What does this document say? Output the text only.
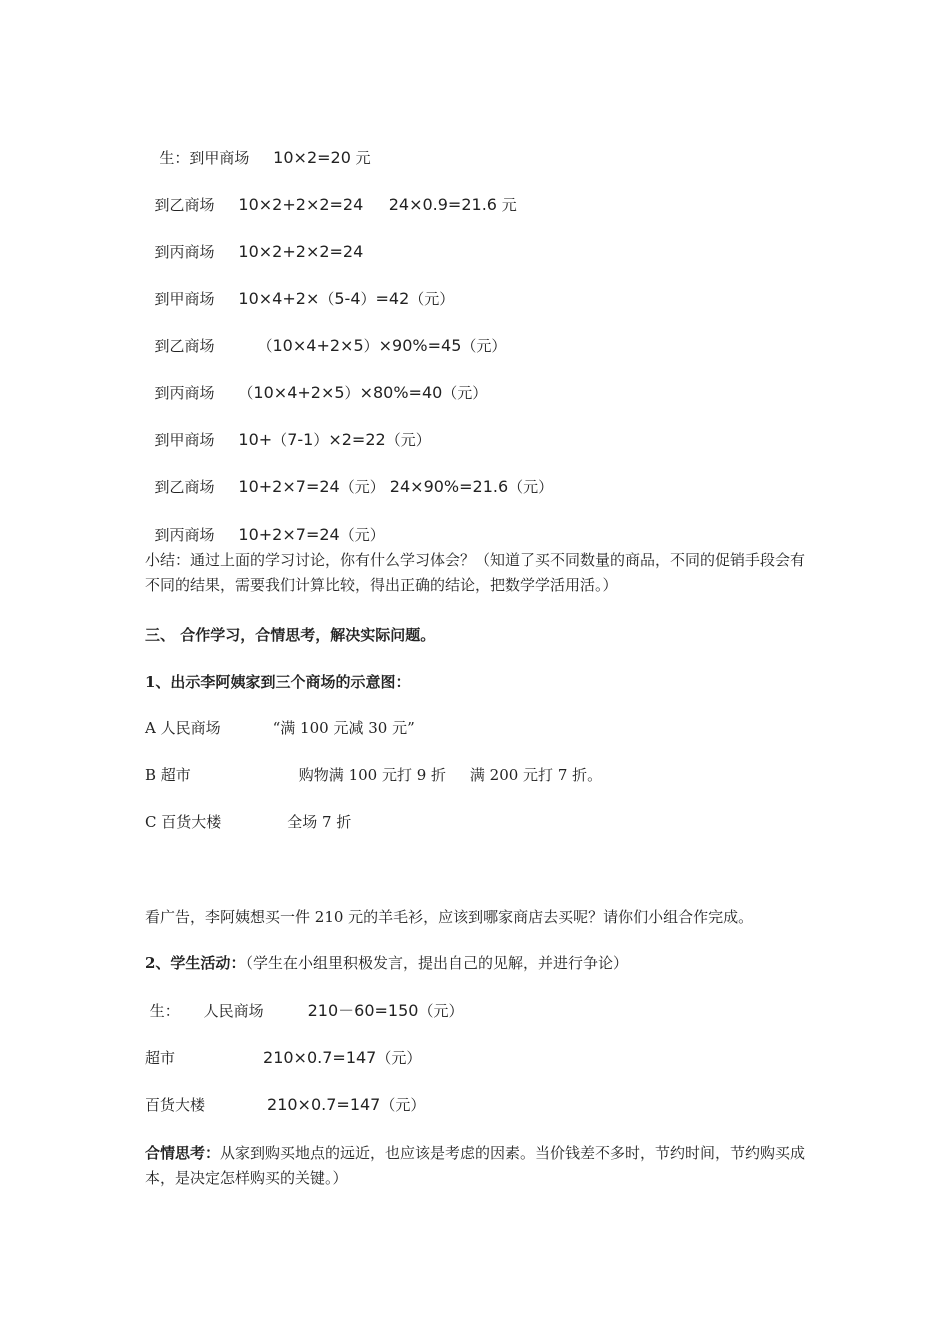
生：到甲商场 10×2=20 元

到乙商场 10×2+2×2=24     24×0.9=21.6 元

到丙商场 10×2+2×2=24

到甲商场 10×4+2×（5-4）=42（元）

到乙商场	（10×4+2×5）×90%=45（元）

到丙商场 （10×4+2×5）×80%=40（元）

到甲商场 10+（7-1）×2=22（元）

到乙商场 10+2×7=24（元） 24×90%=21.6（元）

到丙商场 10+2×7=24（元）

小结：通过上面的学习讨论，你有什么学习体会？（知道了买不同数量的商品，不同的促销手段会有不同的结果，需要我们计算比较，得出正确的结论，把数学学活用活。）

三、 合作学习，合情思考，解决实际问题。

1、出示李阿姨家到三个商场的示意图：

A 人民商场	“满 100 元减 30 元”

B 超市	购物满 100 元打 9 折     满 200 元打 7 折。

C 百货大楼	全场 7 折

看广告，李阿姨想买一件 210 元的羊毛衫，应该到哪家商店去买呢？请你们小组合作完成。

2、学生活动：（学生在小组里积极发言，提出自己的见解，并进行争论）

生：     人民商场	210－60=150（元）

超市	210×0.7=147（元）

百货大楼	210×0.7=147（元）

合情思考：从家到购买地点的远近，也应该是考虑的因素。当价钱差不多时，节约时间，节约购买成本，是决定怎样购买的关键。）
